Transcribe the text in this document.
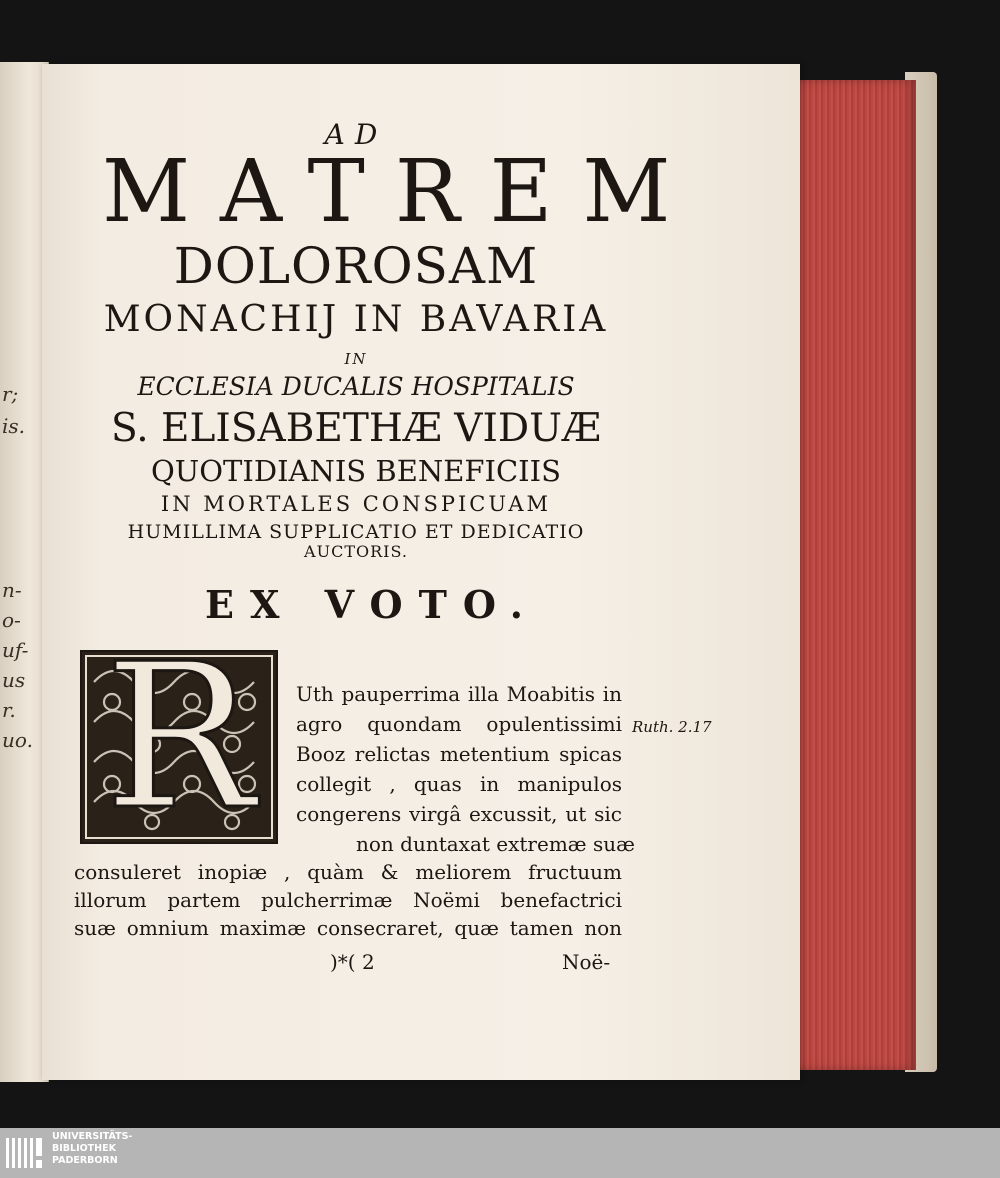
r;
is.
n-
o-
uf-
us
r.
uo.
AD
MATREM
DOLOROSAM
MONACHIJ IN BAVARIA
IN
ECCLESIA DUCALIS HOSPITALIS
S. ELISABETHÆ VIDUÆ
QUOTIDIANIS BENEFICIIS
IN MORTALES CONSPICUAM
HUMILLIMA SUPPLICATIO ET DEDICATIO
AUCTORIS.
EX VOTO.
R Uth pauperrima illa Moabitis in
agro quondam opulentissimi
Booz relictas metentium spicas
collegit , quas in manipulos
congerens virgâ excussit, ut sic
non duntaxat extremæ suæ
consuleret inopiæ , quàm & meliorem fructuum
illorum partem pulcherrimæ Noëmi benefactrici
suæ omnium maximæ consecraret, quæ tamen non
Ruth. 2.17
)*( 2	Noë-
UNIVERSITÄTS-
BIBLIOTHEK
PADERBORN
